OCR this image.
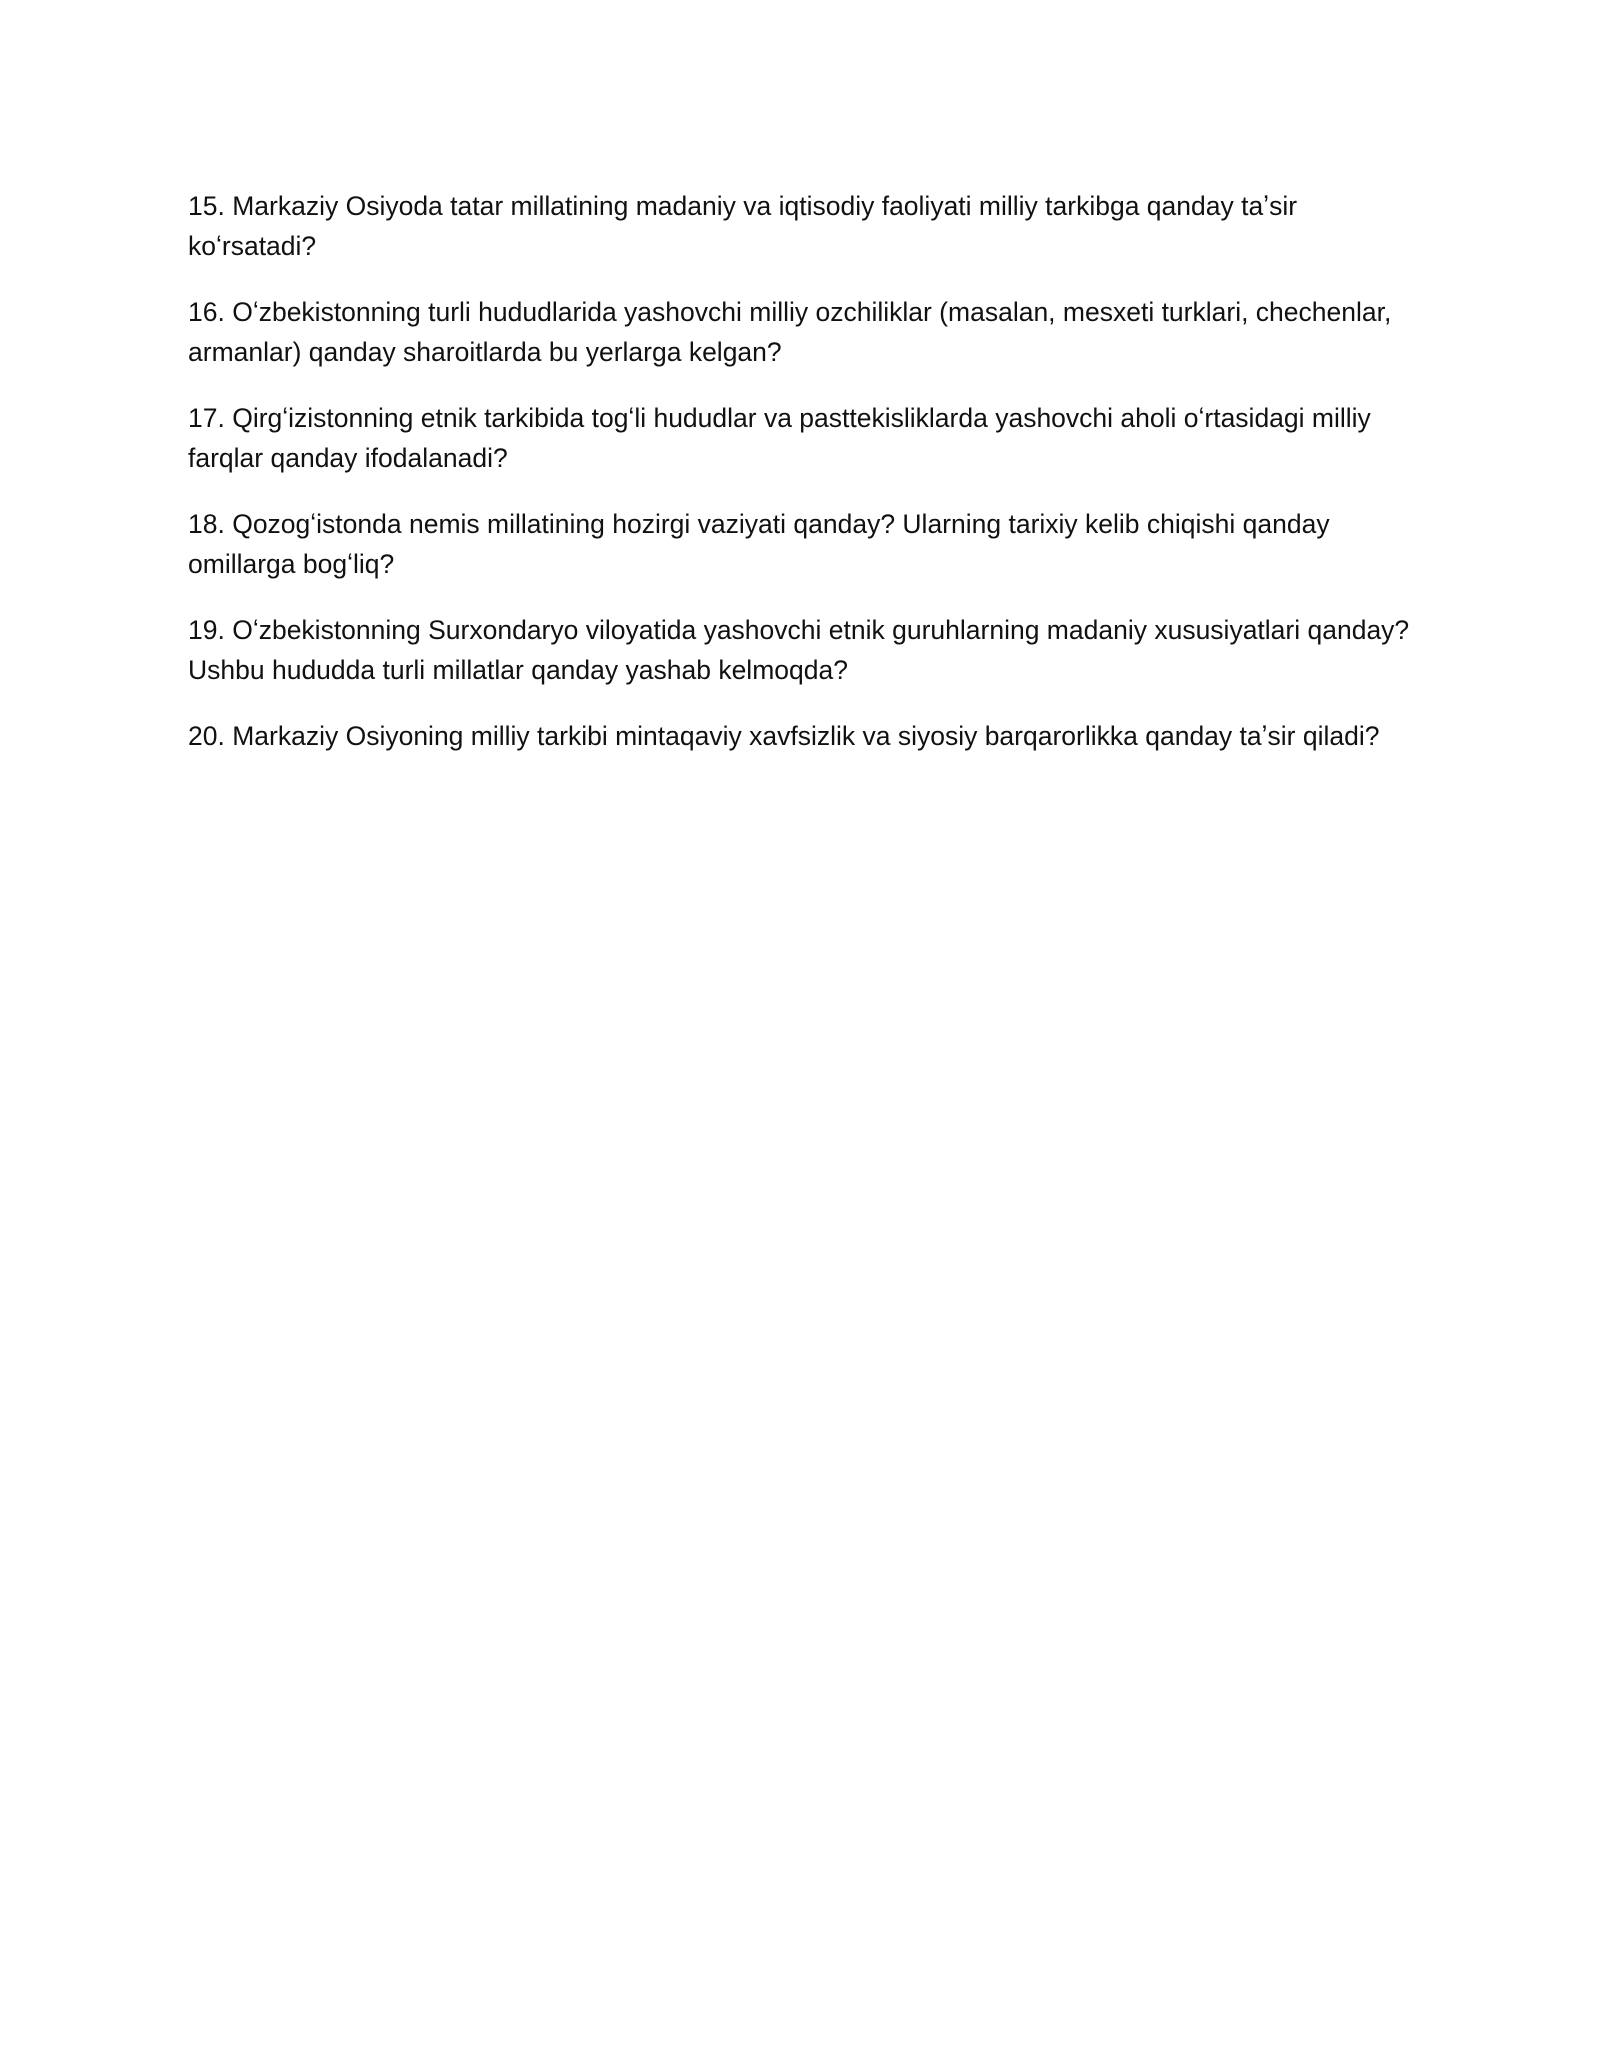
15. Markaziy Osiyoda tatar millatining madaniy va iqtisodiy faoliyati milliy tarkibga qanday taʼsir koʻrsatadi?

16. Oʻzbekistonning turli hududlarida yashovchi milliy ozchiliklar (masalan, mesxeti turklari, chechenlar, armanlar) qanday sharoitlarda bu yerlarga kelgan?

17. Qirgʻizistonning etnik tarkibida togʻli hududlar va pasttekisliklarda yashovchi aholi oʻrtasidagi milliy farqlar qanday ifodalanadi?

18. Qozogʻistonda nemis millatining hozirgi vaziyati qanday? Ularning tarixiy kelib chiqishi qanday omillarga bogʻliq?

19. Oʻzbekistonning Surxondaryo viloyatida yashovchi etnik guruhlarning madaniy xususiyatlari qanday? Ushbu hududda turli millatlar qanday yashab kelmoqda?

20. Markaziy Osiyoning milliy tarkibi mintaqaviy xavfsizlik va siyosiy barqarorlikka qanday taʼsir qiladi?
